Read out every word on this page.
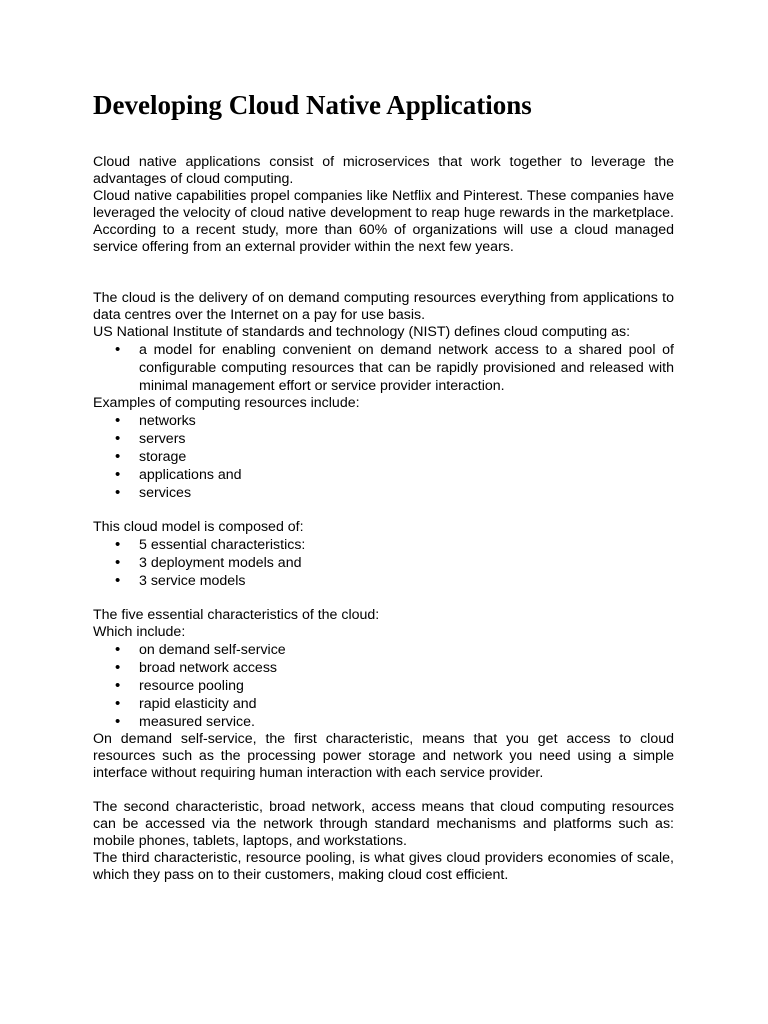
Developing Cloud Native Applications

Cloud native applications consist of microservices that work together to leverage the advantages of cloud computing.

Cloud native capabilities propel companies like Netflix and Pinterest. These companies have leveraged the velocity of cloud native development to reap huge rewards in the marketplace. According to a recent study, more than 60% of organizations will use a cloud managed service offering from an external provider within the next few years.

The cloud is the delivery of on demand computing resources everything from applications to data centres over the Internet on a pay for use basis.

US National Institute of standards and technology (NIST) defines cloud computing as:

• a model for enabling convenient on demand network access to a shared pool of configurable computing resources that can be rapidly provisioned and released with minimal management effort or service provider interaction.

Examples of computing resources include:

• networks
• servers
• storage
• applications and
• services

This cloud model is composed of:

• 5 essential characteristics:
• 3 deployment models and
• 3 service models

The five essential characteristics of the cloud:

Which include:

• on demand self-service
• broad network access
• resource pooling
• rapid elasticity and
• measured service.

On demand self-service, the first characteristic, means that you get access to cloud resources such as the processing power storage and network you need using a simple interface without requiring human interaction with each service provider.

The second characteristic, broad network, access means that cloud computing resources can be accessed via the network through standard mechanisms and platforms such as: mobile phones, tablets, laptops, and workstations.

The third characteristic, resource pooling, is what gives cloud providers economies of scale, which they pass on to their customers, making cloud cost efficient.
